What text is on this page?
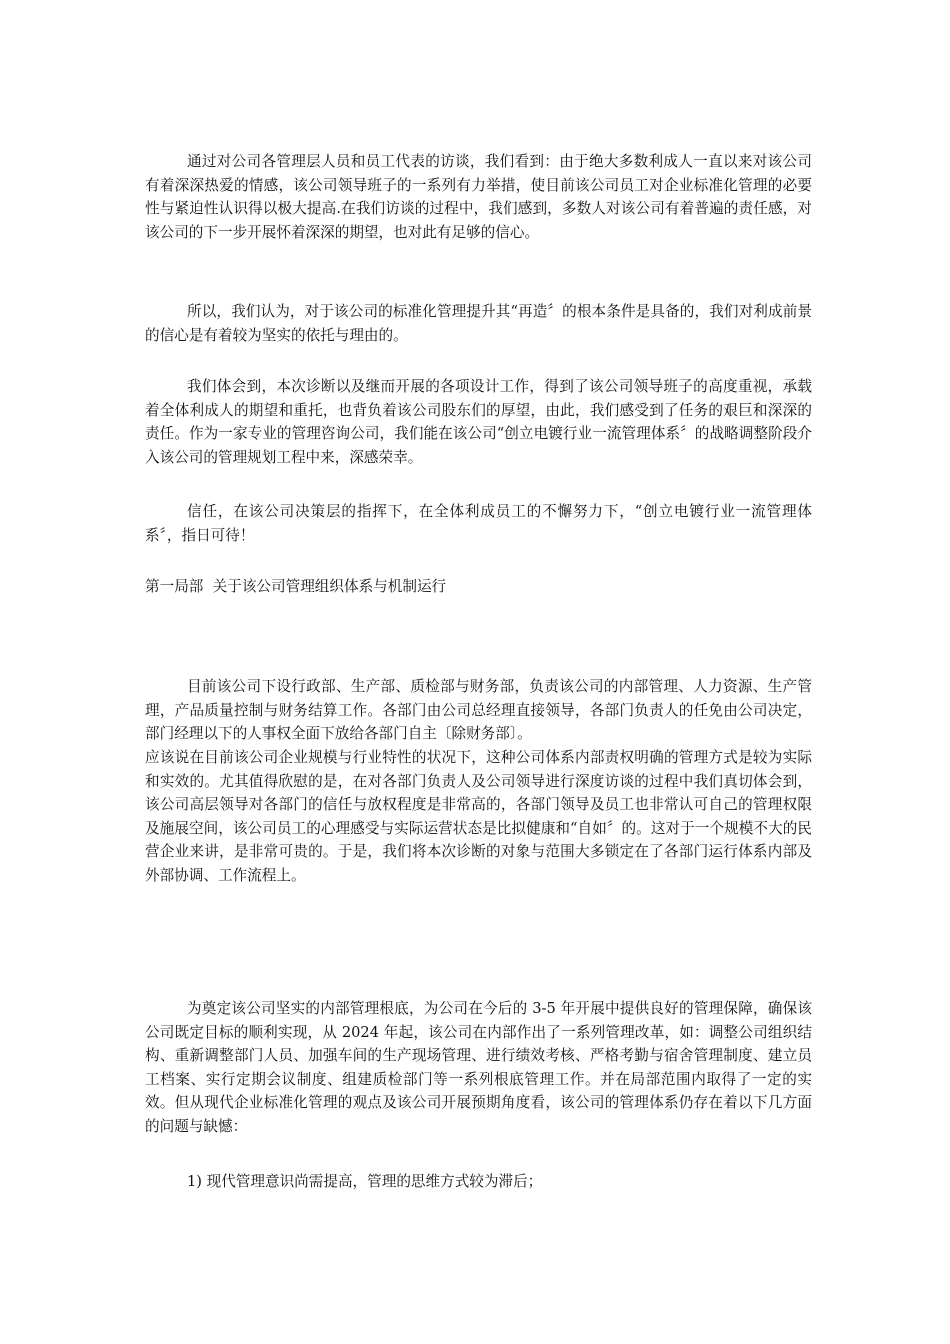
通过对公司各管理层人员和员工代表的访谈，我们看到：由于绝大多数利成人一直以来对该公司有着深深热爱的情感，该公司领导班子的一系列有力举措，使目前该公司员工对企业标准化管理的必要性与紧迫性认识得以极大提高.在我们访谈的过程中，我们感到，多数人对该公司有着普遍的责任感，对该公司的下一步开展怀着深深的期望，也对此有足够的信心。

所以，我们认为，对于该公司的标准化管理提升其“再造〞的根本条件是具备的，我们对利成前景的信心是有着较为坚实的依托与理由的。

我们体会到，本次诊断以及继而开展的各项设计工作，得到了该公司领导班子的高度重视，承载着全体利成人的期望和重托，也背负着该公司股东们的厚望，由此，我们感受到了任务的艰巨和深深的责任。作为一家专业的管理咨询公司，我们能在该公司“创立电镀行业一流管理体系〞的战略调整阶段介入该公司的管理规划工程中来，深感荣幸。

信任，在该公司决策层的指挥下，在全体利成员工的不懈努力下，“创立电镀行业一流管理体系〞，指日可待！

第一局部  关于该公司管理组织体系与机制运行

目前该公司下设行政部、生产部、质检部与财务部，负责该公司的内部管理、人力资源、生产管理，产品质量控制与财务结算工作。各部门由公司总经理直接领导，各部门负责人的任免由公司决定，部门经理以下的人事权全面下放给各部门自主〔除财务部〕。

应该说在目前该公司企业规模与行业特性的状况下，这种公司体系内部责权明确的管理方式是较为实际和实效的。尤其值得欣慰的是，在对各部门负责人及公司领导进行深度访谈的过程中我们真切体会到，该公司高层领导对各部门的信任与放权程度是非常高的，各部门领导及员工也非常认可自己的管理权限及施展空间，该公司员工的心理感受与实际运营状态是比拟健康和“自如〞的。这对于一个规模不大的民营企业来讲，是非常可贵的。于是，我们将本次诊断的对象与范围大多锁定在了各部门运行体系内部及外部协调、工作流程上。

为奠定该公司坚实的内部管理根底，为公司在今后的 3-5 年开展中提供良好的管理保障，确保该公司既定目标的顺利实现，从 2024 年起，该公司在内部作出了一系列管理改革，如：调整公司组织结构、重新调整部门人员、加强车间的生产现场管理、进行绩效考核、严格考勤与宿舍管理制度、建立员工档案、实行定期会议制度、组建质检部门等一系列根底管理工作。并在局部范围内取得了一定的实效。但从现代企业标准化管理的观点及该公司开展预期角度看，该公司的管理体系仍存在着以下几方面的问题与缺憾：

1) 现代管理意识尚需提高，管理的思维方式较为滞后；
